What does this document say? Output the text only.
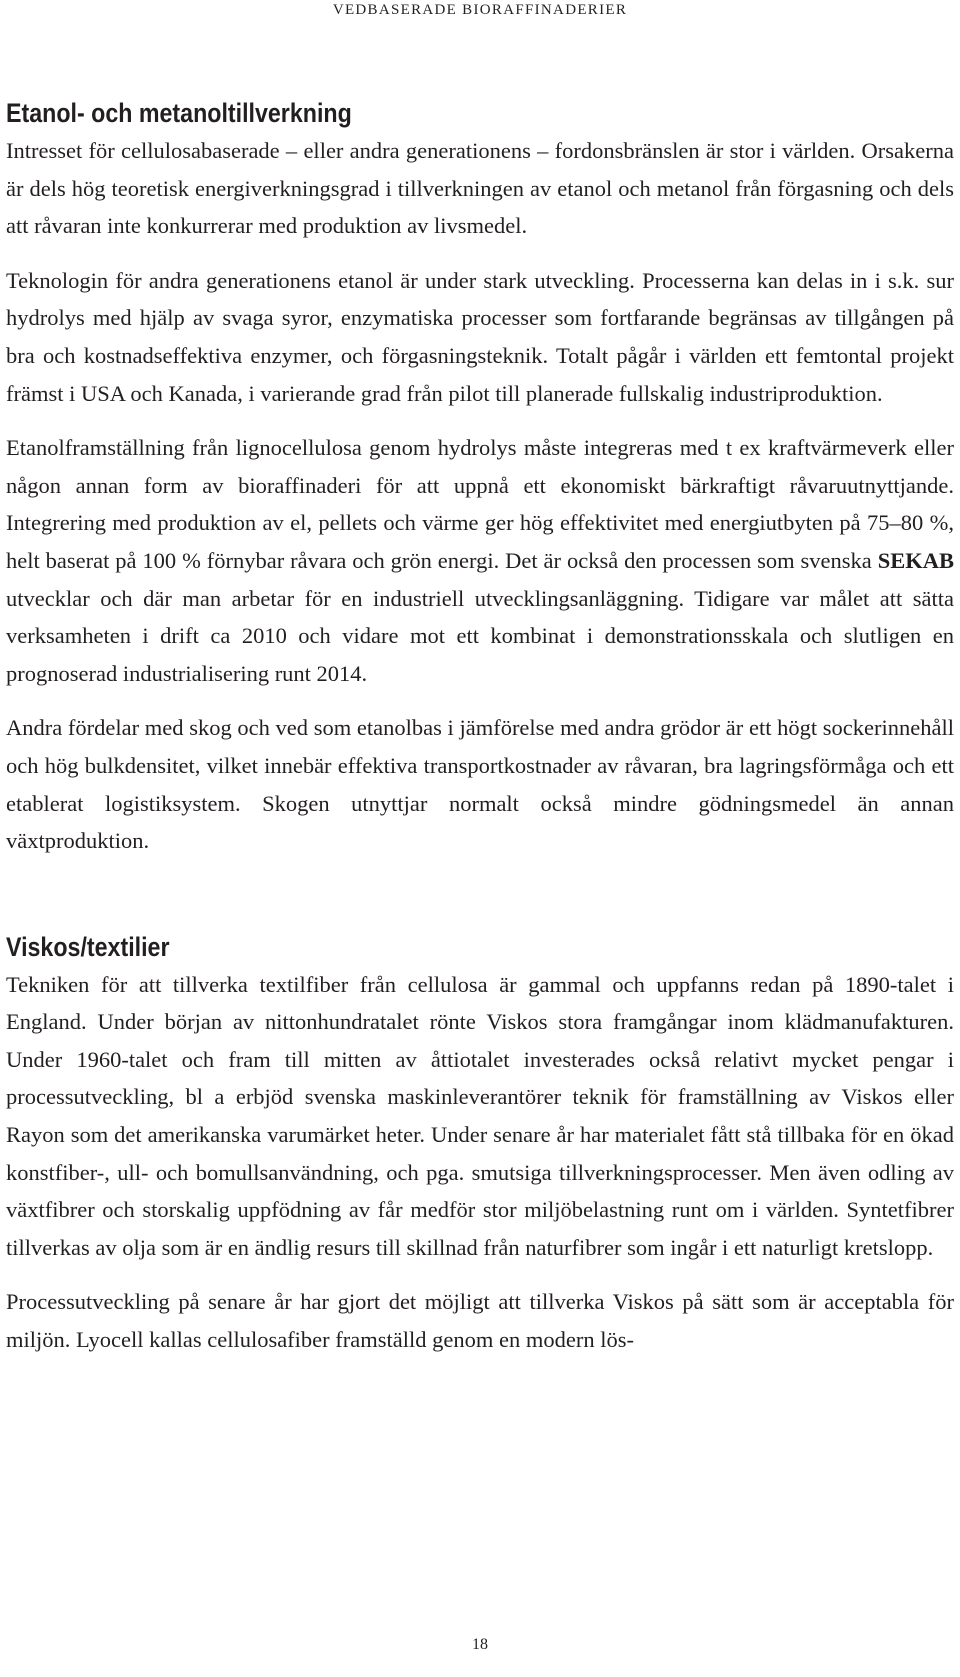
VEDBASERADE BIORAFFINADERIER
Etanol- och metanoltillverkning

Intresset för cellulosabaserade – eller andra generationens – fordonsbränslen är stor i världen. Orsakerna är dels hög teoretisk energiverkningsgrad i tillverkningen av etanol och metanol från förgasning och dels att råvaran inte konkurrerar med produktion av livsmedel.

Teknologin för andra generationens etanol är under stark utveckling. Processerna kan delas in i s.k. sur hydrolys med hjälp av svaga syror, enzymatiska processer som fortfarande begränsas av tillgången på bra och kostnadseffektiva enzymer, och förgasningsteknik. Totalt pågår i världen ett femtontal projekt främst i USA och Kanada, i varierande grad från pilot till planerade fullskalig industriproduktion.

Etanolframställning från lignocellulosa genom hydrolys måste integreras med t ex kraftvärmeverk eller någon annan form av bioraffinaderi för att uppnå ett ekonomiskt bärkraftigt råvaruutnyttjande. Integrering med produktion av el, pellets och värme ger hög effektivitet med energiutbyten på 75–80 %, helt baserat på 100 % förnybar råvara och grön energi. Det är också den processen som svenska SEKAB utvecklar och där man arbetar för en industriell utvecklingsanläggning. Tidigare var målet att sätta verksamheten i drift ca 2010 och vidare mot ett kombinat i demonstrationsskala och slutligen en prognoserad industrialisering runt 2014.

Andra fördelar med skog och ved som etanolbas i jämförelse med andra grödor är ett högt sockerinnehåll och hög bulkdensitet, vilket innebär effektiva transportkostnader av råvaran, bra lagringsförmåga och ett etablerat logistiksystem. Skogen utnyttjar normalt också mindre gödningsmedel än annan växtproduktion.

Viskos/textilier

Tekniken för att tillverka textilfiber från cellulosa är gammal och uppfanns redan på 1890-talet i England. Under början av nittonhundratalet rönte Viskos stora framgångar inom klädmanufakturen. Under 1960-talet och fram till mitten av åttiotalet investerades också relativt mycket pengar i processutveckling, bl a erbjöd svenska maskinleverantörer teknik för framställning av Viskos eller Rayon som det amerikanska varumärket heter. Under senare år har materialet fått stå tillbaka för en ökad konstfiber-, ull- och bomullsanvändning, och pga. smutsiga tillverkningsprocesser. Men även odling av växtfibrer och storskalig uppfödning av får medför stor miljöbelastning runt om i världen. Syntetfibrer tillverkas av olja som är en ändlig resurs till skillnad från naturfibrer som ingår i ett naturligt kretslopp.

Processutveckling på senare år har gjort det möjligt att tillverka Viskos på sätt som är acceptabla för miljön. Lyocell kallas cellulosafiber framställd genom en modern lös-

18
